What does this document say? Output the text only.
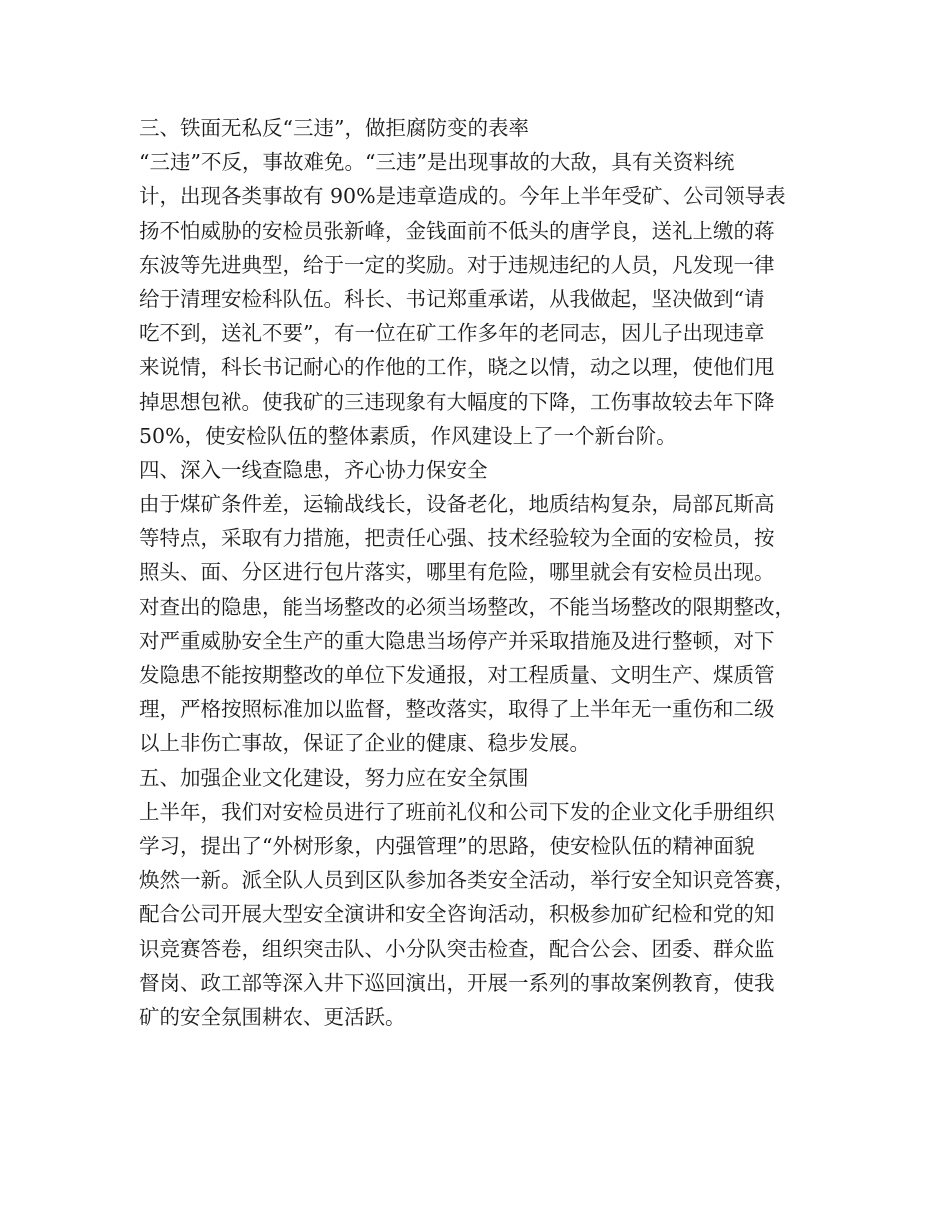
三、铁面无私反“三违”，做拒腐防变的表率
“三违”不反，事故难免。“三违”是出现事故的大敌，具有关资料统
计，出现各类事故有 90%是违章造成的。今年上半年受矿、公司领导表
扬不怕威胁的安检员张新峰，金钱面前不低头的唐学良，送礼上缴的蒋
东波等先进典型，给于一定的奖励。对于违规违纪的人员，凡发现一律
给于清理安检科队伍。科长、书记郑重承诺，从我做起，坚决做到“请
吃不到，送礼不要”，有一位在矿工作多年的老同志，因儿子出现违章
来说情，科长书记耐心的作他的工作，晓之以情，动之以理，使他们甩
掉思想包袱。使我矿的三违现象有大幅度的下降，工伤事故较去年下降
50%，使安检队伍的整体素质，作风建设上了一个新台阶。
四、深入一线查隐患，齐心协力保安全
由于煤矿条件差，运输战线长，设备老化，地质结构复杂，局部瓦斯高
等特点，采取有力措施，把责任心强、技术经验较为全面的安检员，按
照头、面、分区进行包片落实，哪里有危险，哪里就会有安检员出现。
对查出的隐患，能当场整改的必须当场整改，不能当场整改的限期整改，
对严重威胁安全生产的重大隐患当场停产并采取措施及进行整顿，对下
发隐患不能按期整改的单位下发通报，对工程质量、文明生产、煤质管
理，严格按照标准加以监督，整改落实，取得了上半年无一重伤和二级
以上非伤亡事故，保证了企业的健康、稳步发展。
五、加强企业文化建设，努力应在安全氛围
上半年，我们对安检员进行了班前礼仪和公司下发的企业文化手册组织
学习，提出了“外树形象，内强管理”的思路，使安检队伍的精神面貌
焕然一新。派全队人员到区队参加各类安全活动，举行安全知识竞答赛，
配合公司开展大型安全演讲和安全咨询活动，积极参加矿纪检和党的知
识竞赛答卷，组织突击队、小分队突击检查，配合公会、团委、群众监
督岗、政工部等深入井下巡回演出，开展一系列的事故案例教育，使我
矿的安全氛围耕农、更活跃。
